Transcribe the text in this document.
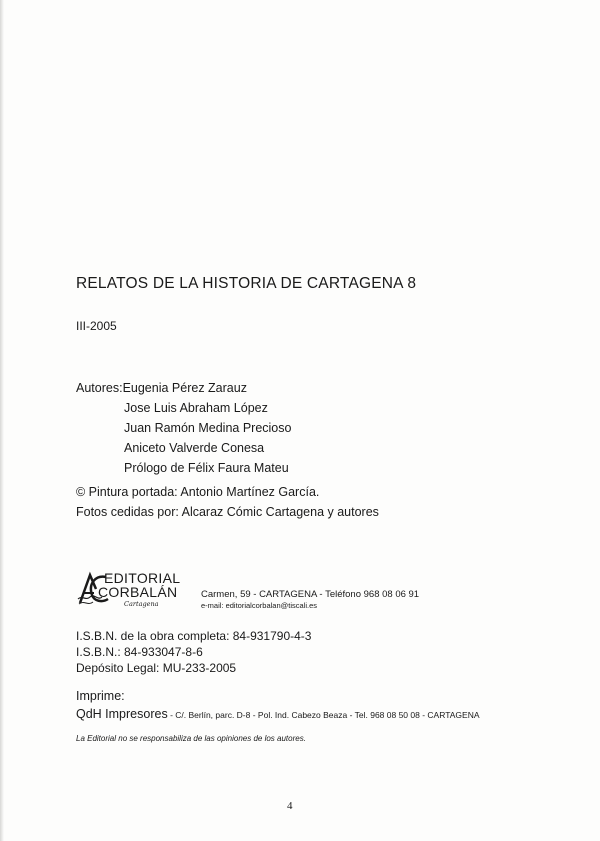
RELATOS DE LA HISTORIA DE CARTAGENA 8
III-2005
Autores:Eugenia Pérez Zarauz
Jose Luis Abraham López
Juan Ramón Medina Precioso
Aniceto Valverde Conesa
Prólogo de Félix Faura Mateu
© Pintura portada: Antonio Martínez García.
Fotos cedidas por: Alcaraz Cómic Cartagena y autores
EDITORIAL
CORBALÁN
Cartagena
Carmen, 59 - CARTAGENA - Teléfono 968 08 06 91
e-mail: editorialcorbalan@tiscali.es
I.S.B.N. de la obra completa: 84-931790-4-3
I.S.B.N.: 84-933047-8-6
Depósito Legal: MU-233-2005
Imprime:
QdH Impresores - C/. Berlín, parc. D-8 - Pol. Ind. Cabezo Beaza - Tel. 968 08 50 08 - CARTAGENA
La Editorial no se responsabiliza de las opiniones de los autores.
4
